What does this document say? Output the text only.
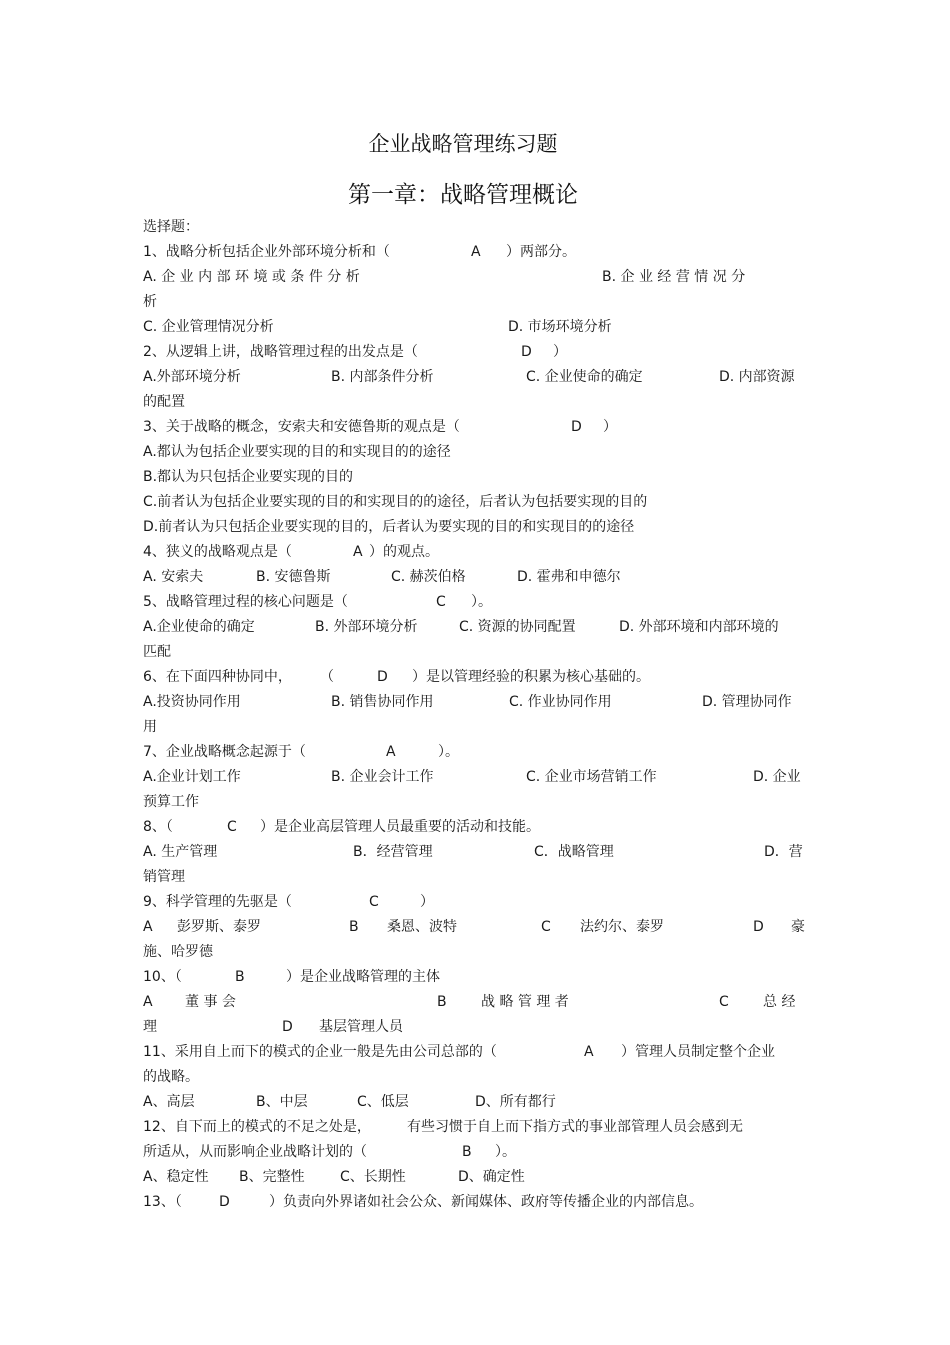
企业战略管理练习题
第一章：战略管理概论
选择题：
1、战略分析包括企业外部环境分析和（	A ）两部分。
A. 企 业 内 部 环 境 或 条 件 分 析	B. 企 业 经 营 情 况 分
析
C. 企业管理情况分析	D. 市场环境分析
2、从逻辑上讲，战略管理过程的出发点是（	D ）
A.外部环境分析	B. 内部条件分析	C. 企业使命的确定	D. 内部资源
的配置
3、关于战略的概念，安索夫和安德鲁斯的观点是（	D ）
A.都认为包括企业要实现的目的和实现目的的途径
B.都认为只包括企业要实现的目的
C.前者认为包括企业要实现的目的和实现目的的途径，后者认为包括要实现的目的
D.前者认为只包括企业要实现的目的，后者认为要实现的目的和实现目的的途径
4、狭义的战略观点是（	A ）的观点。
A. 安索夫	B. 安德鲁斯	C. 赫茨伯格	D. 霍弗和申德尔
5、战略管理过程的核心问题是（	C ）。
A.企业使命的确定	B. 外部环境分析	C. 资源的协同配置	D. 外部环境和内部环境的
匹配
6、在下面四种协同中， （	D ）是以管理经验的积累为核心基础的。
A.投资协同作用	B. 销售协同作用	C. 作业协同作用	D. 管理协同作
用
7、企业战略概念起源于（	A	）。
A.企业计划工作	B. 企业会计工作	C. 企业市场营销工作	D. 企业
预算工作
8、（	C ）是企业高层管理人员最重要的活动和技能。
A. 生产管理	B．经营管理	C．战略管理	D．营
销管理
9、科学管理的先驱是（	C	）
A 彭罗斯、泰罗	B 桑恩、波特	C 法约尔、泰罗	D 豪
施、哈罗德
10、（	B	）是企业战略管理的主体
A 董 事 会	B 战 略 管 理 者	C 总 经
理	D 基层管理人员
11、采用自上而下的模式的企业一般是先由公司总部的（	A ）管理人员制定整个企业
的战略。
A、高层	B、中层	C、低层	D、所有都行
12、自下而上的模式的不足之处是，	有些习惯于自上而下指方式的事业部管理人员会感到无
所适从，从而影响企业战略计划的（	B ）。
A、稳定性 B、完整性	C、长期性	D、确定性
13、（	D	）负责向外界诸如社会公众、新闻媒体、政府等传播企业的内部信息。
